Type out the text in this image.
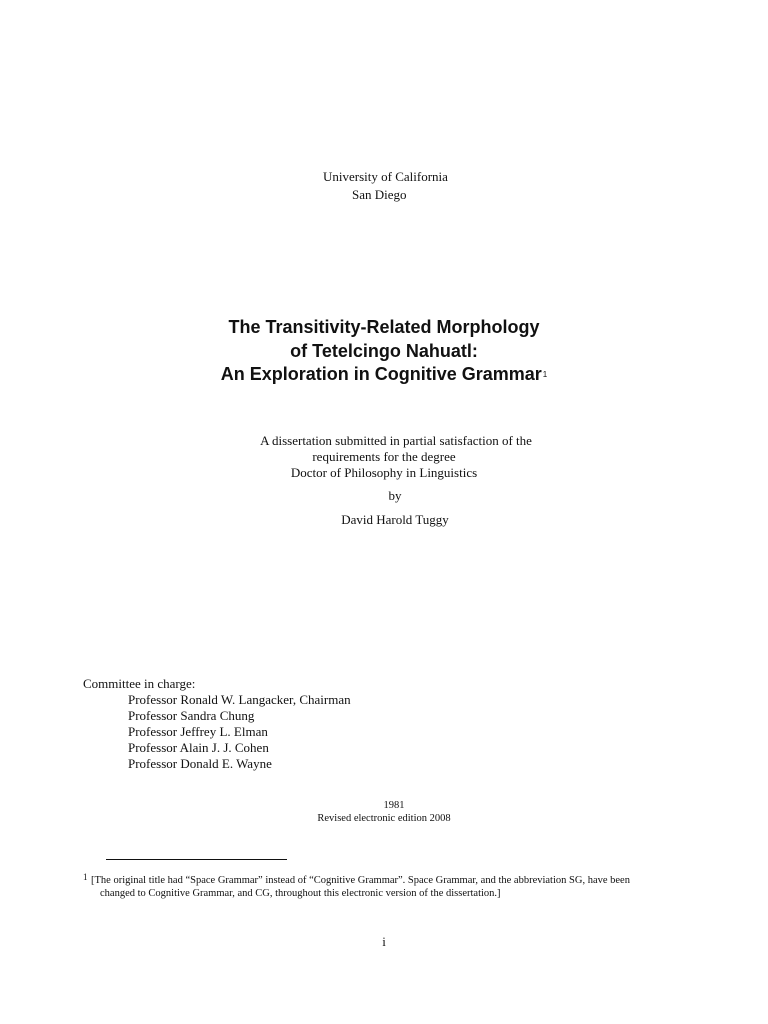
University of California
San Diego
The Transitivity-Related Morphology
of Tetelcingo Nahuatl:
An Exploration in Cognitive Grammar$^1$
A dissertation submitted in partial satisfaction of the
requirements for the degree
Doctor of Philosophy in Linguistics
by
David Harold Tuggy
Committee in charge:
Professor Ronald W. Langacker, Chairman
Professor Sandra Chung
Professor Jeffrey L. Elman
Professor Alain J. J. Cohen
Professor Donald E. Wayne
1981
Revised electronic edition 2008
1 [The original title had “Space Grammar” instead of “Cognitive Grammar”. Space Grammar, and the abbreviation SG, have been
changed to Cognitive Grammar, and CG, throughout this electronic version of the dissertation.]
i
